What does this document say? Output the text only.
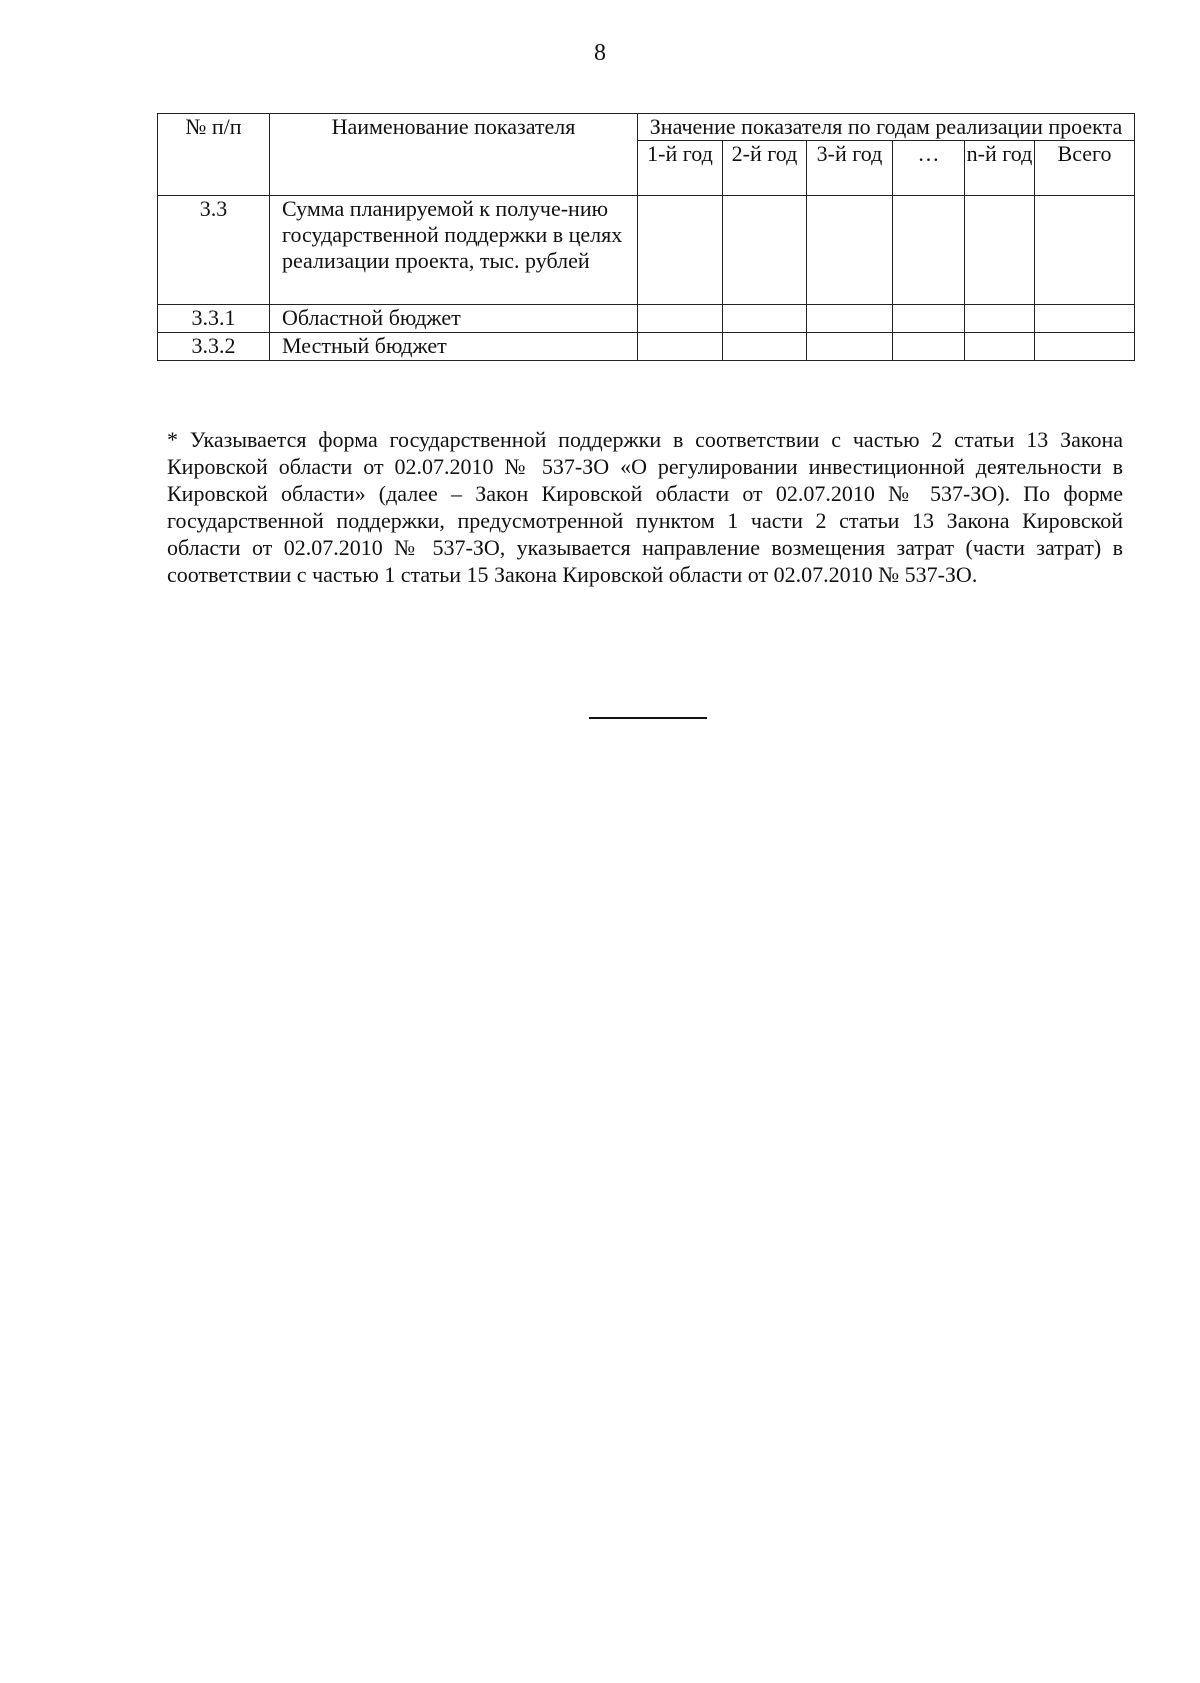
8
№ п/п	Наименование показателя	Значение показателя по годам реализации проекта					
		1-й год	2-й год	3-й год	…	n-й год	Всего
3.3	Сумма планируемой к получе-нию государственной поддержки в целях реализации проекта, тыс. рублей						
3.3.1	Областной бюджет						
3.3.2	Местный бюджет						
* Указывается форма государственной поддержки в соответствии с частью 2 статьи 13 Закона Кировской области от 02.07.2010 № 537-ЗО «О регулировании инвестиционной деятельности в Кировской области» (далее – Закон Кировской области от 02.07.2010 № 537-ЗО). По форме государственной поддержки, предусмотренной пунктом 1 части 2 статьи 13 Закона Кировской области от 02.07.2010 № 537-ЗО, указывается направление возмещения затрат (части затрат) в соответствии с частью 1 статьи 15 Закона Кировской области от 02.07.2010 № 537-ЗО.
